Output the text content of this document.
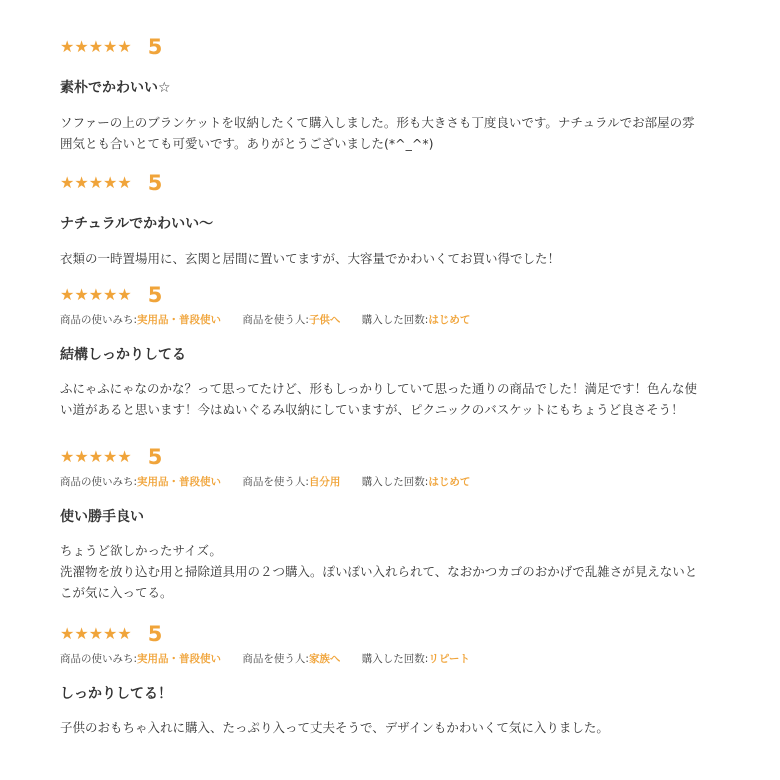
★★★★★ 5
素朴でかわいい☆
ソファーの上のブランケットを収納したくて購入しました。形も大きさも丁度良いです。ナチュラルでお部屋の雰
囲気とも合いとても可愛いです。ありがとうございました(*^_^*)
★★★★★ 5
ナチュラルでかわいい〜
衣類の一時置場用に、玄関と居間に置いてますが、大容量でかわいくてお買い得でした！
★★★★★ 5
商品の使いみち:実用品・普段使い 商品を使う人:子供へ 購入した回数:はじめて
結構しっかりしてる
ふにゃふにゃなのかな？って思ってたけど、形もしっかりしていて思った通りの商品でした！満足です！色んな使
い道があると思います！今はぬいぐるみ収納にしていますが、ピクニックのバスケットにもちょうど良さそう！
★★★★★ 5
商品の使いみち:実用品・普段使い 商品を使う人:自分用 購入した回数:はじめて
使い勝手良い
ちょうど欲しかったサイズ。
洗濯物を放り込む用と掃除道具用の２つ購入。ぽいぽい入れられて、なおかつカゴのおかげで乱雑さが見えないと
こが気に入ってる。
★★★★★ 5
商品の使いみち:実用品・普段使い 商品を使う人:家族へ 購入した回数:リピート
しっかりしてる！
子供のおもちゃ入れに購入、たっぷり入って丈夫そうで、デザインもかわいくて気に入りました。
